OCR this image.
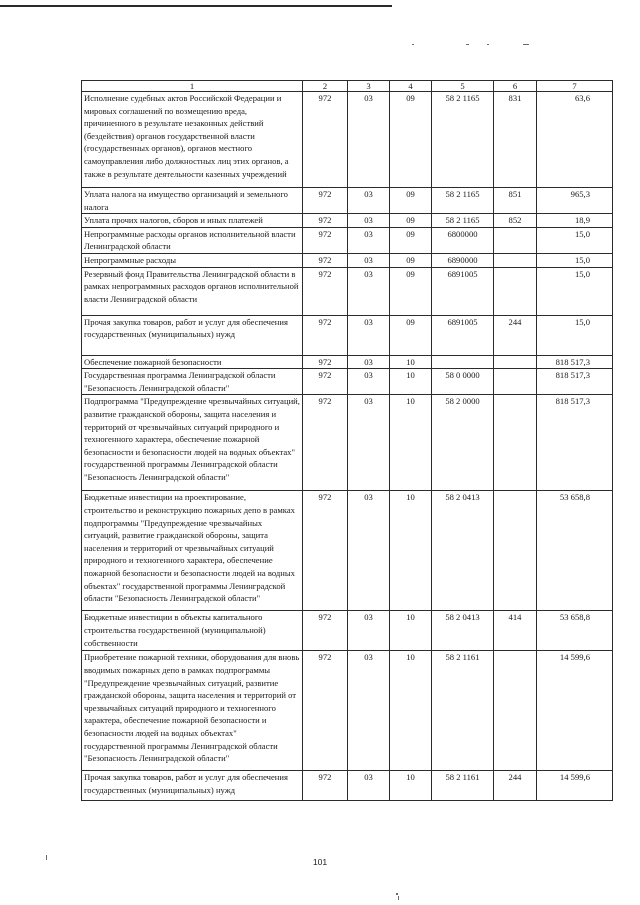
1	2	3	4	5	6	7
Исполнение судебных актов Российской Федерации и мировых соглашений по возмещению вреда, причиненного в результате незаконных действий (бездействия) органов государственной власти (государственных органов), органов местного самоуправления либо должностных лиц этих органов, а также в результате деятельности казенных учреждений	972	03	09	58 2 1165	831	63,6
Уплата налога на имущество организаций и земельного налога	972	03	09	58 2 1165	851	965,3
Уплата прочих налогов, сборов и иных платежей	972	03	09	58 2 1165	852	18,9
Непрограммные расходы органов исполнительной власти Ленинградской области	972	03	09	6800000		15,0
Непрограммные расходы	972	03	09	6890000		15,0
Резервный фонд Правительства Ленинградской области в рамках непрограммных расходов органов исполнительной власти Ленинградской области	972	03	09	6891005		15,0
Прочая закупка товаров, работ и услуг для обеспечения государственных (муниципальных) нужд	972	03	09	6891005	244	15,0
Обеспечение пожарной безопасности	972	03	10			818 517,3
Государственная программа Ленинградской области "Безопасность Ленинградской области"	972	03	10	58 0 0000		818 517,3
Подпрограмма "Предупреждение чрезвычайных ситуаций, развитие гражданской обороны, защита населения и территорий от чрезвычайных ситуаций природного и техногенного характера, обеспечение пожарной безопасности и безопасности людей на водных объектах" государственной программы Ленинградской области "Безопасность Ленинградской области"	972	03	10	58 2 0000		818 517,3
Бюджетные инвестиции на проектирование, строительство и реконструкцию пожарных депо в рамках подпрограммы "Предупреждение чрезвычайных ситуаций, развитие гражданской обороны, защита населения и территорий от чрезвычайных ситуаций природного и техногенного характера, обеспечение пожарной безопасности и безопасности людей на водных объектах" государственной программы Ленинградской области "Безопасность Ленинградской области"	972	03	10	58 2 0413		53 658,8
Бюджетные инвестиции в объекты капитального строительства государственной (муниципальной) собственности	972	03	10	58 2 0413	414	53 658,8
Приобретение пожарной техники, оборудования для вновь вводимых пожарных депо в рамках подпрограммы "Предупреждение чрезвычайных ситуаций, развитие гражданской обороны, защита населения и территорий от чрезвычайных ситуаций природного и техногенного характера, обеспечение пожарной безопасности и безопасности людей на водных объектах" государственной программы Ленинградской области "Безопасность Ленинградской области"	972	03	10	58 2 1161		14 599,6
Прочая закупка товаров, работ и услуг для обеспечения государственных (муниципальных) нужд	972	03	10	58 2 1161	244	14 599,6
101
